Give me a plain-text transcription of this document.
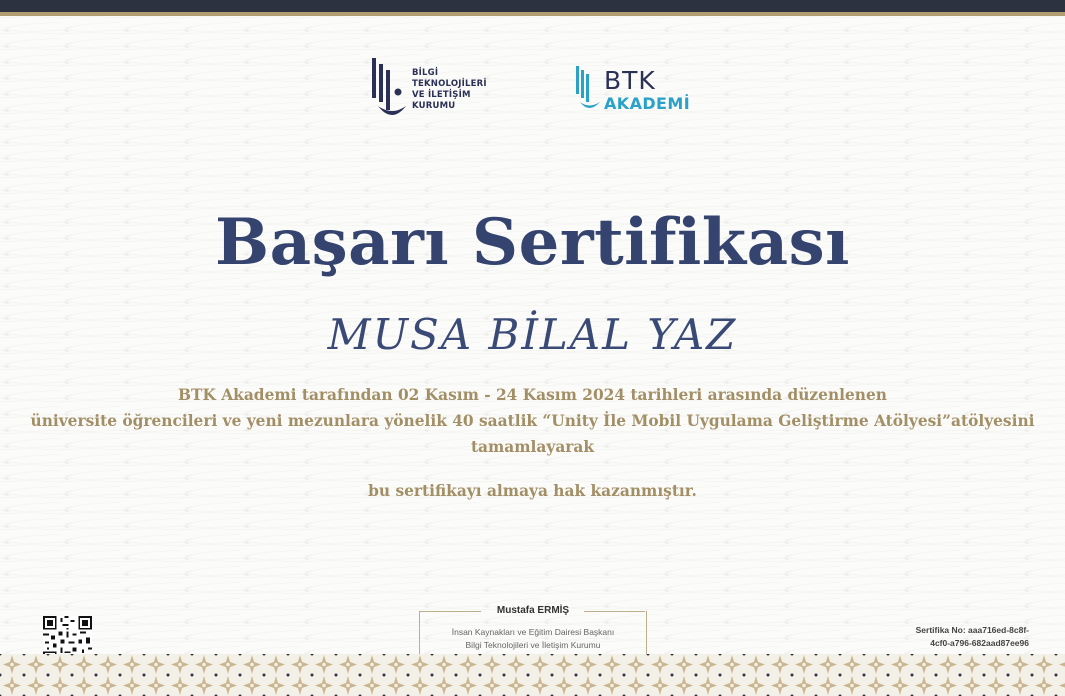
BİLGİ
TEKNOLOJİLERİ
VE İLETİŞİM
KURUMU
BTK
AKADEMİ
Başarı Sertifikası
MUSA BİLAL YAZ
BTK Akademi tarafından 02 Kasım - 24 Kasım 2024 tarihleri arasında düzenlenen
üniversite öğrencileri ve yeni mezunlara yönelik 40 saatlik “Unity İle Mobil Uygulama Geliştirme Atölyesi”atölyesini
tamamlayarak
bu sertifikayı almaya hak kazanmıştır.
Mustafa ERMİŞ
İnsan Kaynakları ve Eğitim Dairesi Başkanı
Bilgi Teknolojileri ve İletişim Kurumu
Sertifika No: aaa716ed-8c8f-
4cf0-a796-682aad87ee96
